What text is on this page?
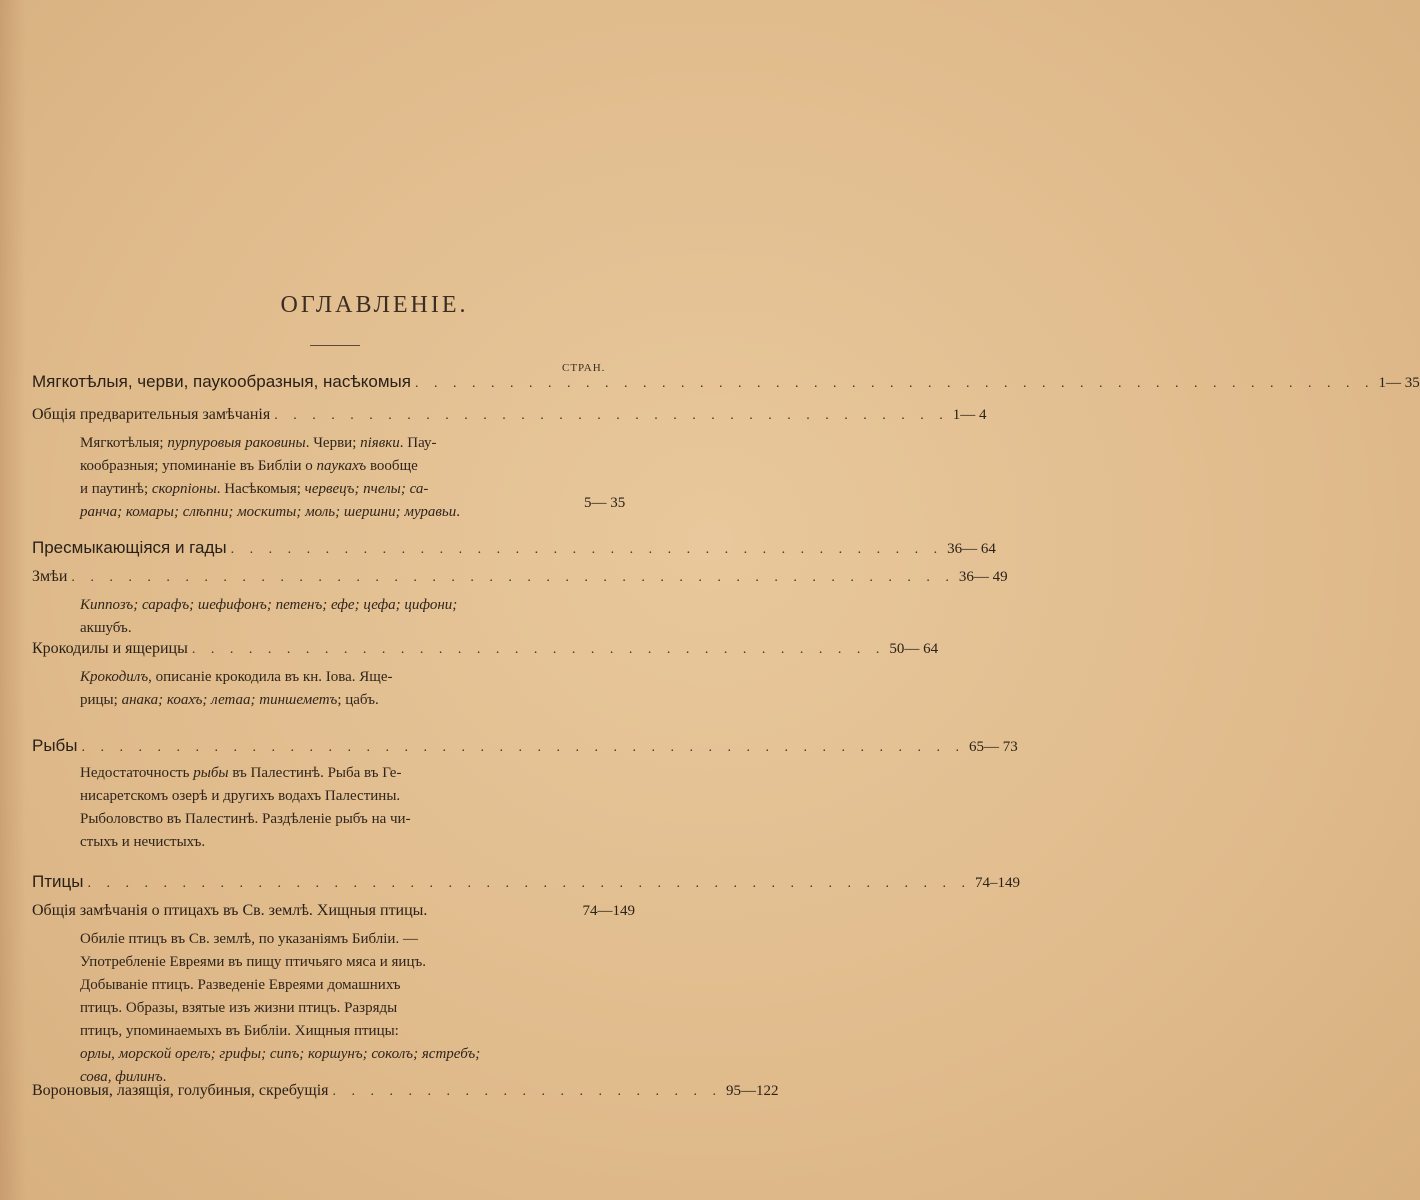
ОГЛАВЛЕНІЕ.
СТРАН.
Мягкотѣлыя, черви, паукообразныя, насѣкомыя . . . . . . . . . . . . . . . . . . . . . . . . . . . . . . . . . . . . . . . . . . . . . . . . . . . 1— 35
Общія предварительныя замѣчанія . . . . . . . . . . . . . . . . . . . . . . . . . . . . . . . . . . . . 1— 4
Мягкотѣлыя; пурпуровыя раковины. Черви; піявки. Пау-
кообразныя; упоминаніе въ Библіи о паукахъ вообще
и паутинѣ; скорпіоны. Насѣкомыя; червецъ; пчелы; са-
ранча; комары; слѣпни; москиты; моль; шершни; муравьи.
5— 35
Пресмыкающіяся и гады . . . . . . . . . . . . . . . . . . . . . . . . . . . . . . . . . . . . . . 36— 64
Змѣи . . . . . . . . . . . . . . . . . . . . . . . . . . . . . . . . . . . . . . . . . . . . . . . 36— 49
Киппозъ; сарафъ; шефифонъ; петенъ; ефе; цефа; цифони;
акшубъ.
Крокодилы и ящерицы . . . . . . . . . . . . . . . . . . . . . . . . . . . . . . . . . . . . . 50— 64
Крокодилъ, описаніе крокодила въ кн. Іова. Яще-
рицы; анака; коахъ; летаа; тиншеметъ; цабъ.
Рыбы . . . . . . . . . . . . . . . . . . . . . . . . . . . . . . . . . . . . . . . . . . . . . . . 65— 73
Недостаточность рыбы въ Палестинѣ. Рыба въ Ге-
нисаретскомъ озерѣ и другихъ водахъ Палестины.
Рыболовство въ Палестинѣ. Раздѣленіе рыбъ на чи-
стыхъ и нечистыхъ.
Птицы . . . . . . . . . . . . . . . . . . . . . . . . . . . . . . . . . . . . . . . . . . . . . . . 74–149
Общія замѣчанія о птицахъ въ Св. землѣ. Хищныя птицы.	74—149
Обиліе птицъ въ Св. землѣ, по указаніямъ Библіи. —
Употребленіе Евреями въ пищу птичьяго мяса и яицъ.
Добываніе птицъ. Разведеніе Евреями домашнихъ
птицъ. Образы, взятые изъ жизни птицъ. Разряды
птицъ, упоминаемыхъ въ Библіи. Хищныя птицы:
орлы, морской орелъ; грифы; сипъ; коршунъ; соколъ; ястребъ;
сова, филинъ.
Вороновыя, лазящія, голубиныя, скребущія . . . . . . . . . . . . . . . . . . . . . 95—122
